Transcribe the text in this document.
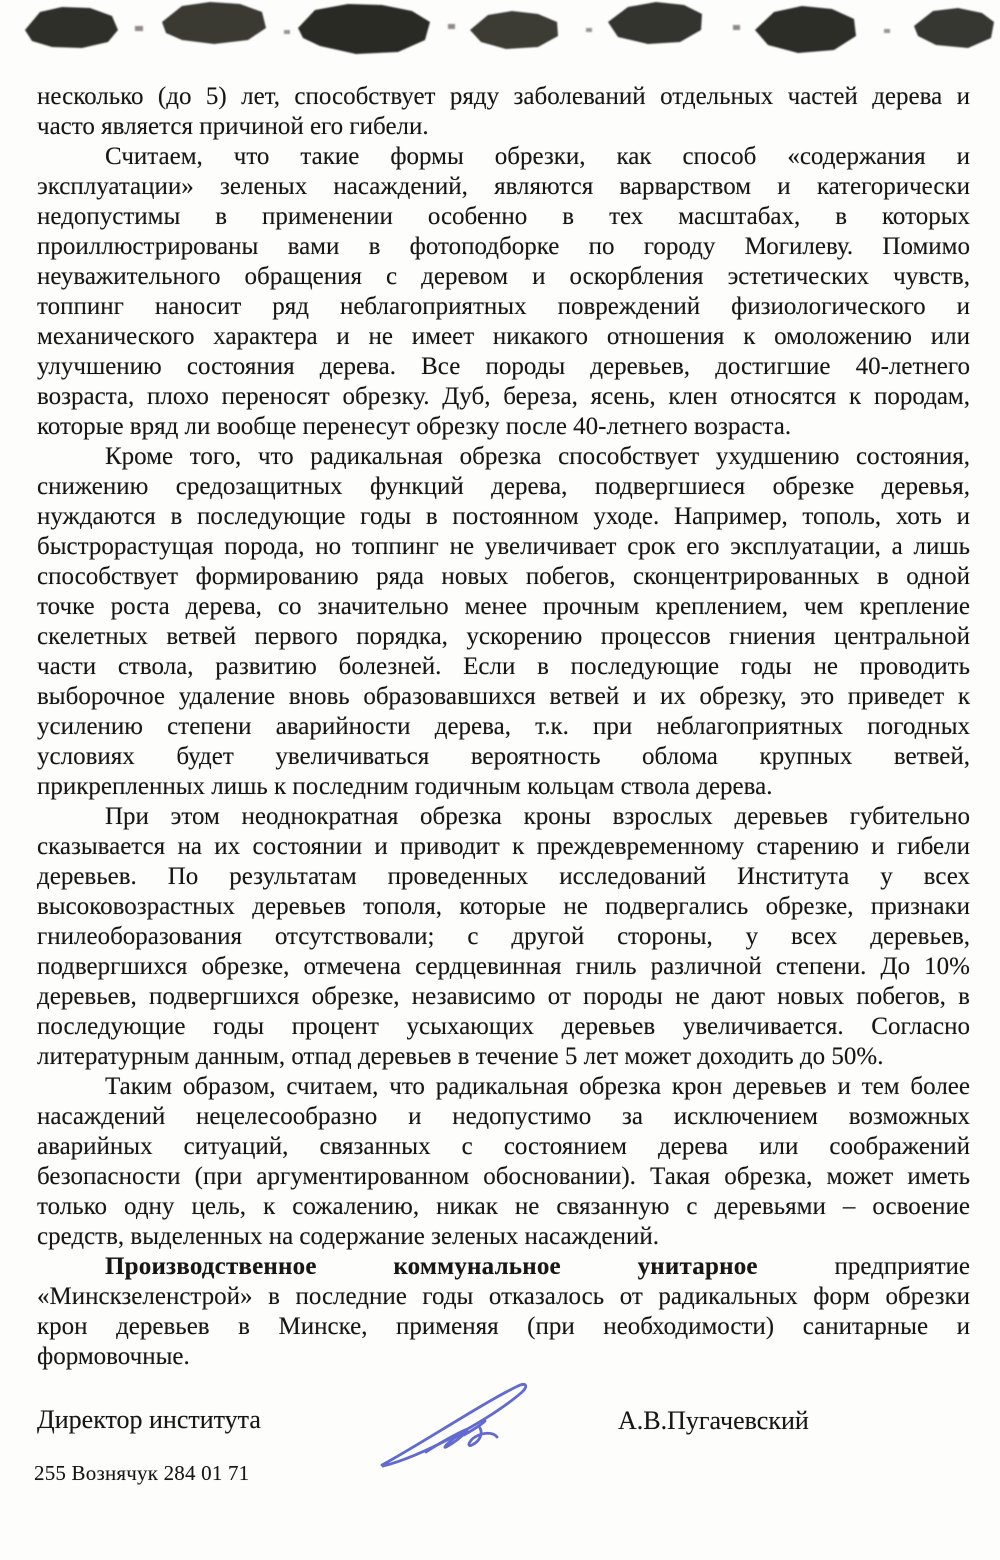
несколько (до 5) лет, способствует ряду заболеваний отдельных частей дерева и
часто является причиной его гибели.
Считаем, что такие формы обрезки, как способ «содержания и
эксплуатации» зеленых насаждений, являются варварством и категорически
недопустимы в применении особенно в тех масштабах, в которых
проиллюстрированы вами в фотоподборке по городу Могилеву. Помимо
неуважительного обращения с деревом и оскорбления эстетических чувств,
топпинг наносит ряд неблагоприятных повреждений физиологического и
механического характера и не имеет никакого отношения к омоложению или
улучшению состояния дерева. Все породы деревьев, достигшие 40-летнего
возраста, плохо переносят обрезку. Дуб, береза, ясень, клен относятся к породам,
которые вряд ли вообще перенесут обрезку после 40-летнего возраста.
Кроме того, что радикальная обрезка способствует ухудшению состояния,
снижению средозащитных функций дерева, подвергшиеся обрезке деревья,
нуждаются в последующие годы в постоянном уходе. Например, тополь, хоть и
быстрорастущая порода, но топпинг не увеличивает срок его эксплуатации, а лишь
способствует формированию ряда новых побегов, сконцентрированных в одной
точке роста дерева, со значительно менее прочным креплением, чем крепление
скелетных ветвей первого порядка, ускорению процессов гниения центральной
части ствола, развитию болезней. Если в последующие годы не проводить
выборочное удаление вновь образовавшихся ветвей и их обрезку, это приведет к
усилению степени аварийности дерева, т.к. при неблагоприятных погодных
условиях будет увеличиваться вероятность облома крупных ветвей,
прикрепленных лишь к последним годичным кольцам ствола дерева.
При этом неоднократная обрезка кроны взрослых деревьев губительно
сказывается на их состоянии и приводит к преждевременному старению и гибели
деревьев. По результатам проведенных исследований Института у всех
высоковозрастных деревьев тополя, которые не подвергались обрезке, признаки
гнилеоборазования отсутствовали; с другой стороны, у всех деревьев,
подвергшихся обрезке, отмечена сердцевинная гниль различной степени. До 10%
деревьев, подвергшихся обрезке, независимо от породы не дают новых побегов, в
последующие годы процент усыхающих деревьев увеличивается. Согласно
литературным данным, отпад деревьев в течение 5 лет может доходить до 50%.
Таким образом, считаем, что радикальная обрезка крон деревьев и тем более
насаждений нецелесообразно и недопустимо за исключением возможных
аварийных ситуаций, связанных с состоянием дерева или соображений
безопасности (при аргументированном обосновании). Такая обрезка, может иметь
только одну цель, к сожалению, никак не связанную с деревьями – освоение
средств, выделенных на содержание зеленых насаждений.
Производственное	коммунальное	унитарное	предприятие
«Минскзеленстрой» в последние годы отказалось от радикальных форм обрезки
крон деревьев в Минске, применяя (при необходимости) санитарные и
формовочные.
Директор института	А.В.Пугачевский
255 Вознячук 284 01 71
